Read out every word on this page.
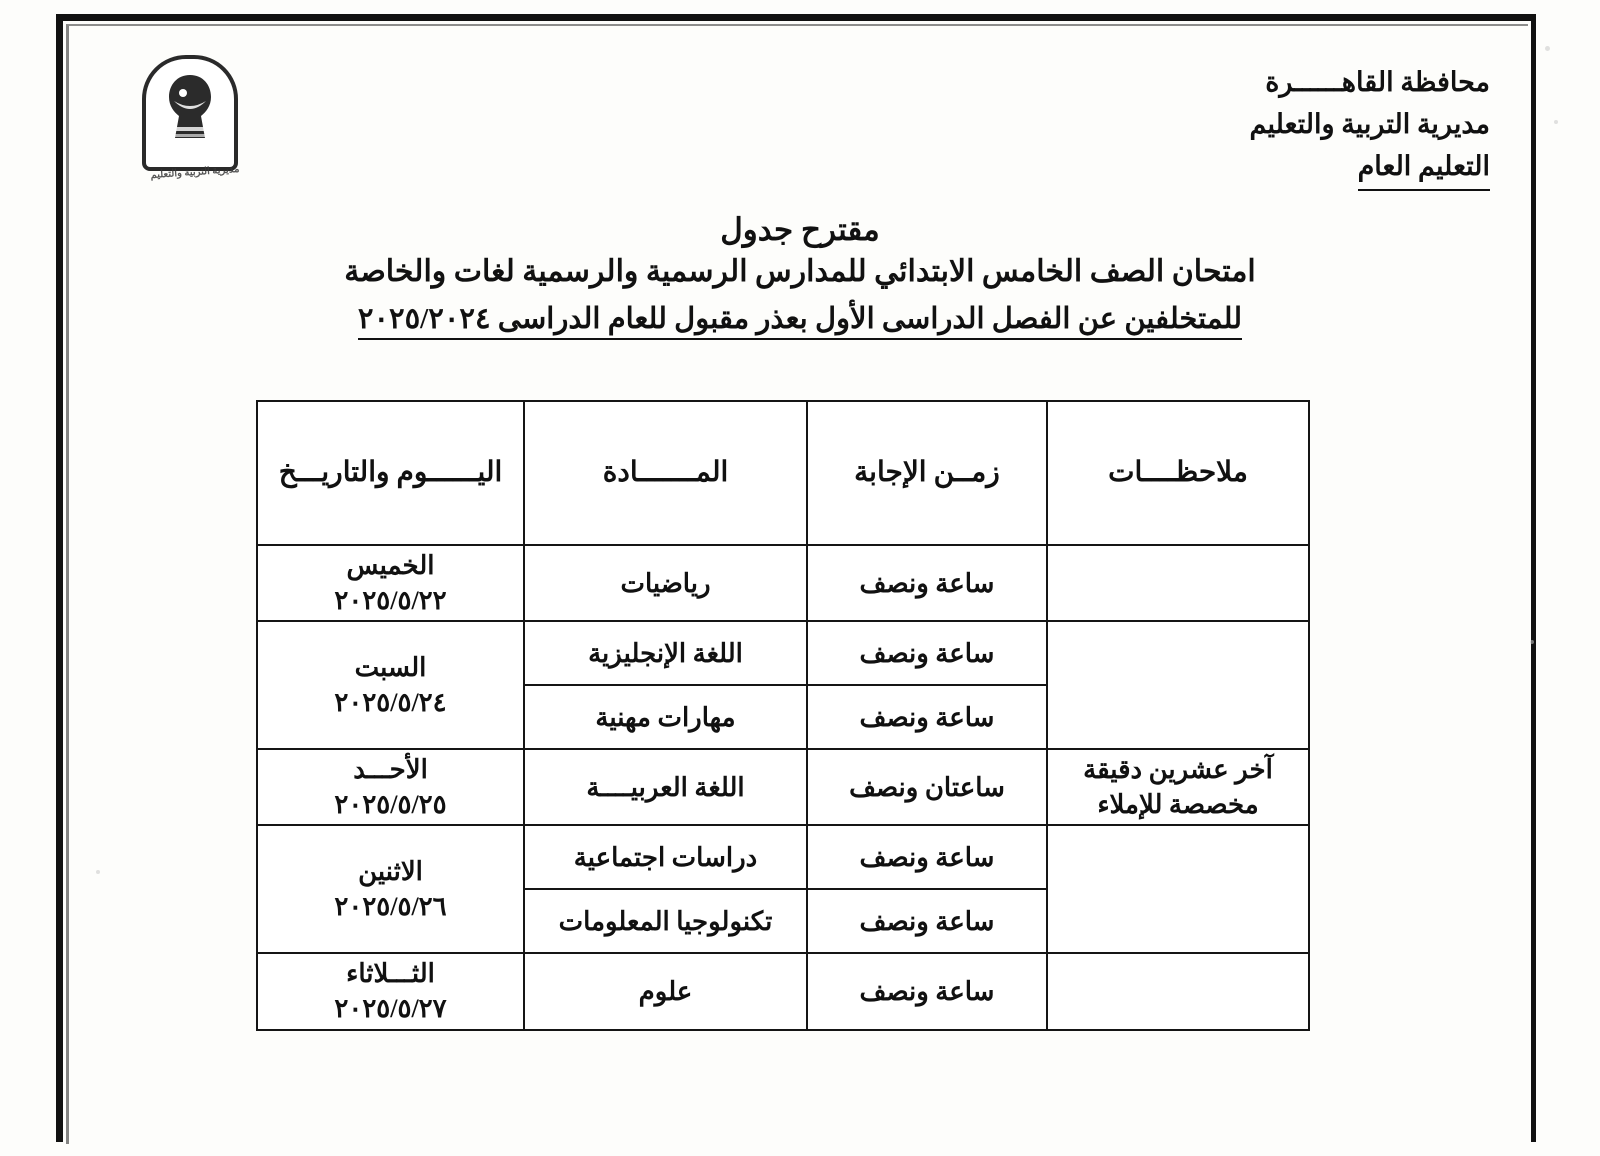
مديرية التربية والتعليم
محافظة القاهــــــرة
مديرية التربية والتعليم
التعليم العام
مقترح جدول
امتحان الصف الخامس الابتدائي للمدارس الرسمية والرسمية لغات والخاصة
للمتخلفين عن الفصل الدراسى الأول بعذر مقبول للعام الدراسى ٢٠٢٥/٢٠٢٤
ملاحظــــات	زمــن الإجابة	المـــــــادة	اليــــــوم والتاريـــخ
	ساعة ونصف	رياضيات	الخميس
٢٠٢٥/٥/٢٢

	ساعة ونصف	اللغة الإنجليزية	السبت
٢٠٢٥/٥/٢٤

	ساعة ونصف	مهارات مهنية	
آخر عشرين دقيقة مخصصة للإملاء	ساعتان ونصف	اللغة العربيــــة	الأحـــد
٢٠٢٥/٥/٢٥

	ساعة ونصف	دراسات اجتماعية	الاثنين
٢٠٢٥/٥/٢٦

	ساعة ونصف	تكنولوجيا المعلومات	
	ساعة ونصف	علوم	الثـــلاثاء
٢٠٢٥/٥/٢٧
